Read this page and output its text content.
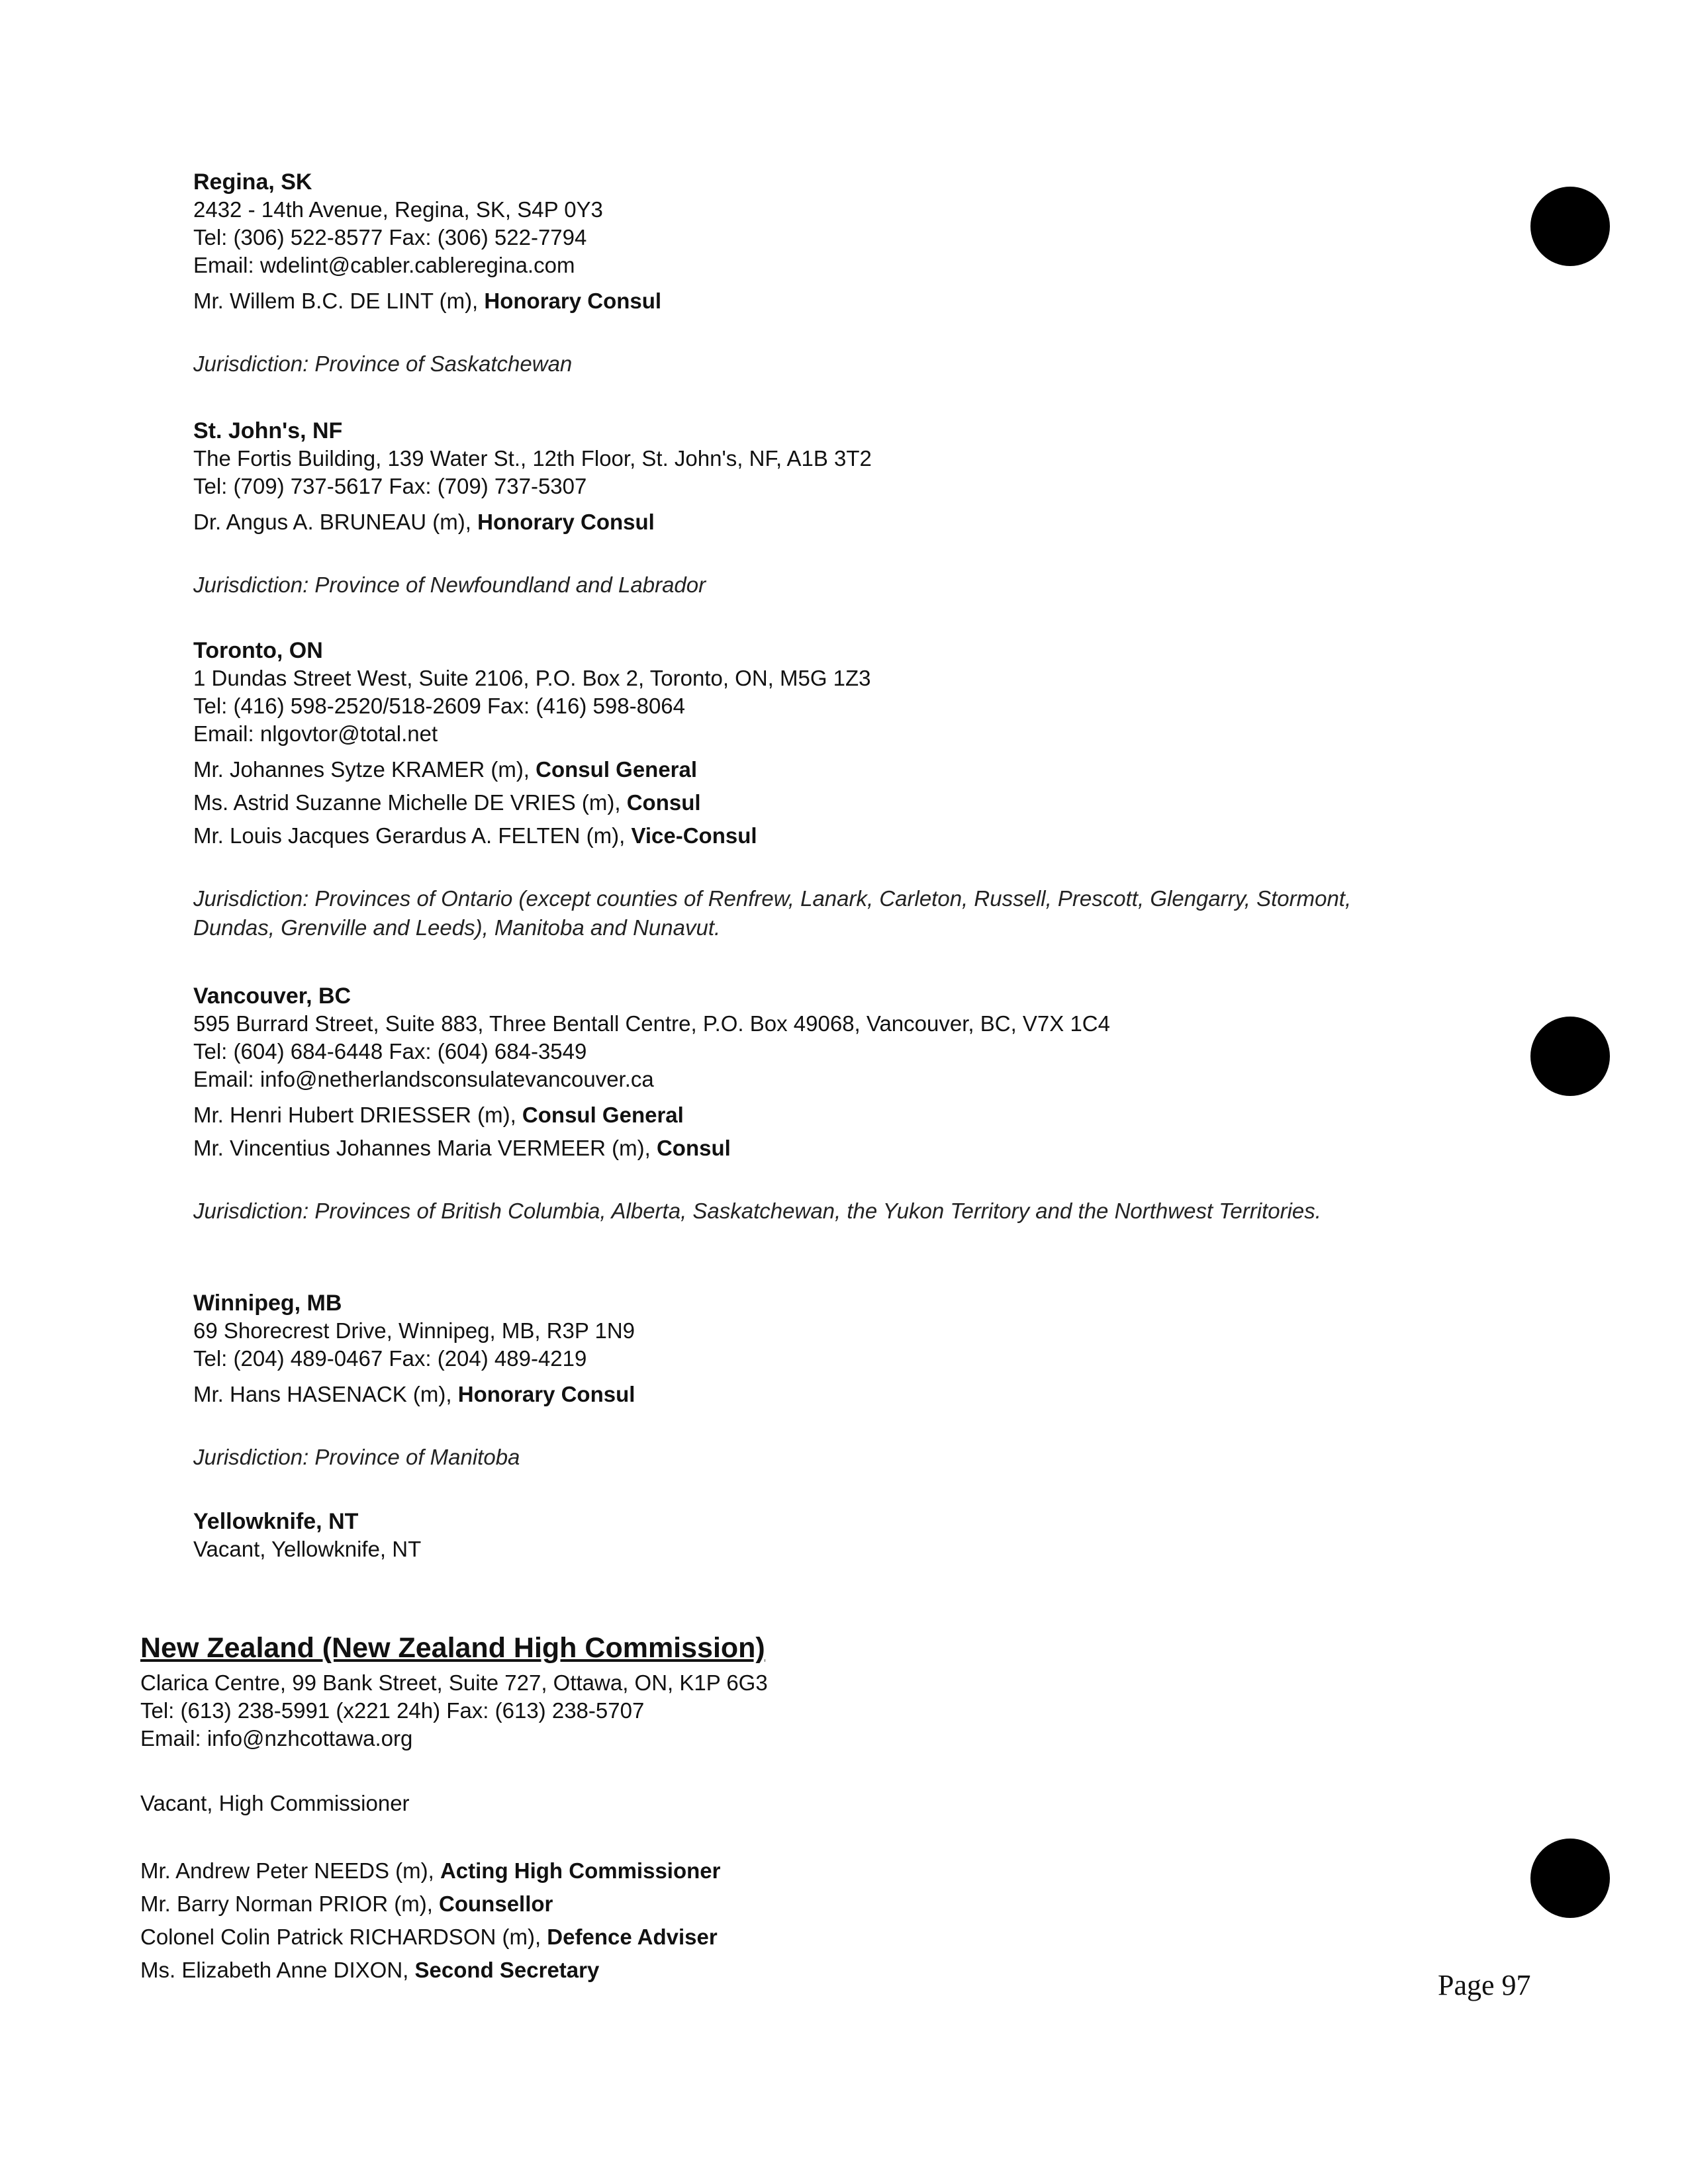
Regina, SK

2432 - 14th Avenue, Regina, SK, S4P 0Y3

Tel: (306) 522-8577 Fax: (306) 522-7794

Email: wdelint@cabler.cableregina.com

Mr. Willem B.C. DE LINT (m), Honorary Consul

Jurisdiction: Province of Saskatchewan

St. John's, NF

The Fortis Building, 139 Water St., 12th Floor, St. John's, NF, A1B 3T2

Tel: (709) 737-5617 Fax: (709) 737-5307

Dr. Angus A. BRUNEAU (m), Honorary Consul

Jurisdiction: Province of Newfoundland and Labrador

Toronto, ON

1 Dundas Street West, Suite 2106, P.O. Box 2, Toronto, ON, M5G 1Z3

Tel: (416) 598-2520/518-2609 Fax: (416) 598-8064

Email: nlgovtor@total.net

Mr. Johannes Sytze KRAMER (m), Consul General

Ms. Astrid Suzanne Michelle DE VRIES (m), Consul

Mr. Louis Jacques Gerardus A. FELTEN (m), Vice-Consul

Jurisdiction: Provinces of Ontario (except counties of Renfrew, Lanark, Carleton, Russell, Prescott, Glengarry, Stormont,

Dundas, Grenville and Leeds), Manitoba and Nunavut.

Vancouver, BC

595 Burrard Street, Suite 883, Three Bentall Centre, P.O. Box 49068, Vancouver, BC, V7X 1C4

Tel: (604) 684-6448 Fax: (604) 684-3549

Email: info@netherlandsconsulatevancouver.ca

Mr. Henri Hubert DRIESSER (m), Consul General

Mr. Vincentius Johannes Maria VERMEER (m), Consul

Jurisdiction: Provinces of British Columbia, Alberta, Saskatchewan, the Yukon Territory and the Northwest Territories.

Winnipeg, MB

69 Shorecrest Drive, Winnipeg, MB, R3P 1N9

Tel: (204) 489-0467 Fax: (204) 489-4219

Mr. Hans HASENACK (m), Honorary Consul

Jurisdiction: Province of Manitoba

Yellowknife, NT

Vacant, Yellowknife, NT

New Zealand (New Zealand High Commission)

Clarica Centre, 99 Bank Street, Suite 727, Ottawa, ON, K1P 6G3

Tel: (613) 238-5991 (x221 24h) Fax: (613) 238-5707

Email: info@nzhcottawa.org

Vacant, High Commissioner

Mr. Andrew Peter NEEDS (m), Acting High Commissioner

Mr. Barry Norman PRIOR (m), Counsellor

Colonel Colin Patrick RICHARDSON (m), Defence Adviser

Ms. Elizabeth Anne DIXON, Second Secretary	Page 97
